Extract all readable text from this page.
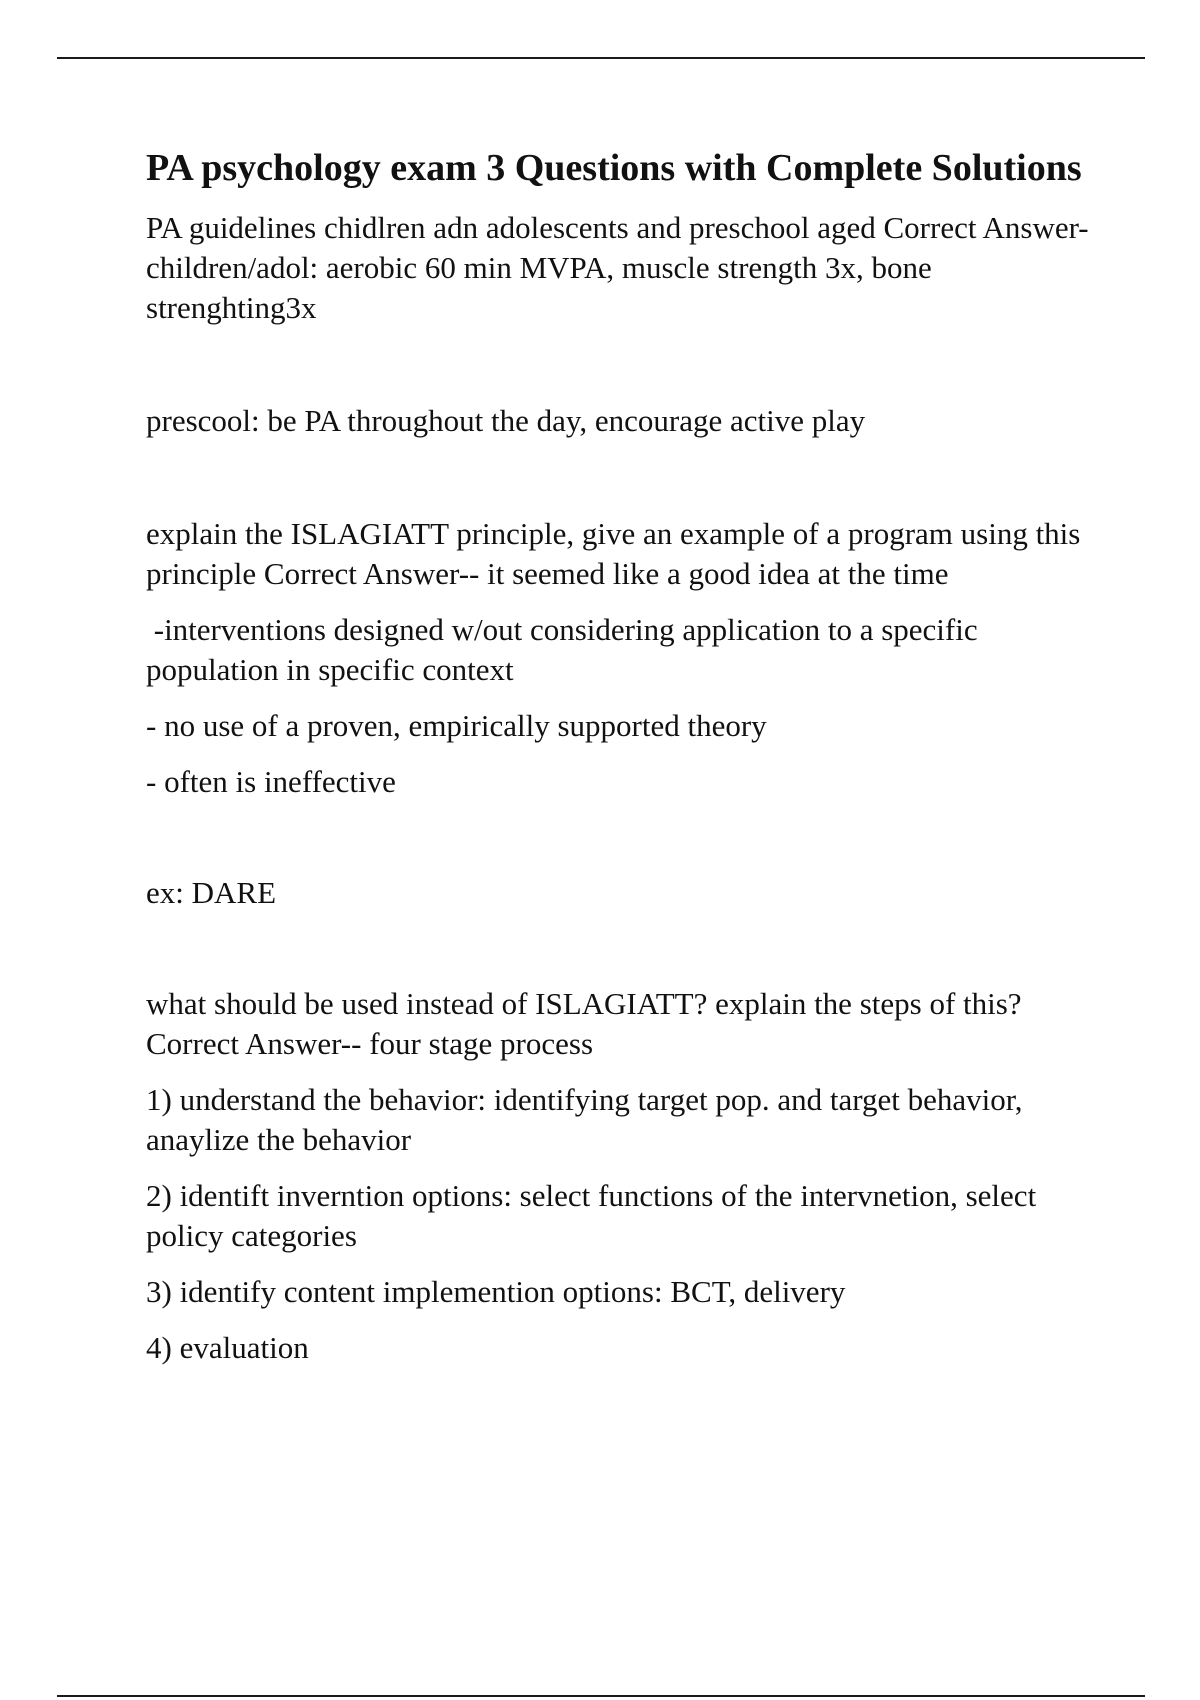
PA psychology exam 3 Questions with Complete Solutions

PA guidelines chidlren adn adolescents and preschool aged Correct Answer-children/adol: aerobic 60 min MVPA, muscle strength 3x, bone strenghting3x

prescool: be PA throughout the day, encourage active play

explain the ISLAGIATT principle, give an example of a program using this principle Correct Answer-- it seemed like a good idea at the time

-interventions designed w/out considering application to a specific population in specific context

- no use of a proven, empirically supported theory

- often is ineffective

ex: DARE

what should be used instead of ISLAGIATT? explain the steps of this? Correct Answer-- four stage process

1) understand the behavior: identifying target pop. and target behavior, anaylize the behavior

2) identift inverntion options: select functions of the intervnetion, select policy categories

3) identify content implemention options: BCT, delivery

4) evaluation
